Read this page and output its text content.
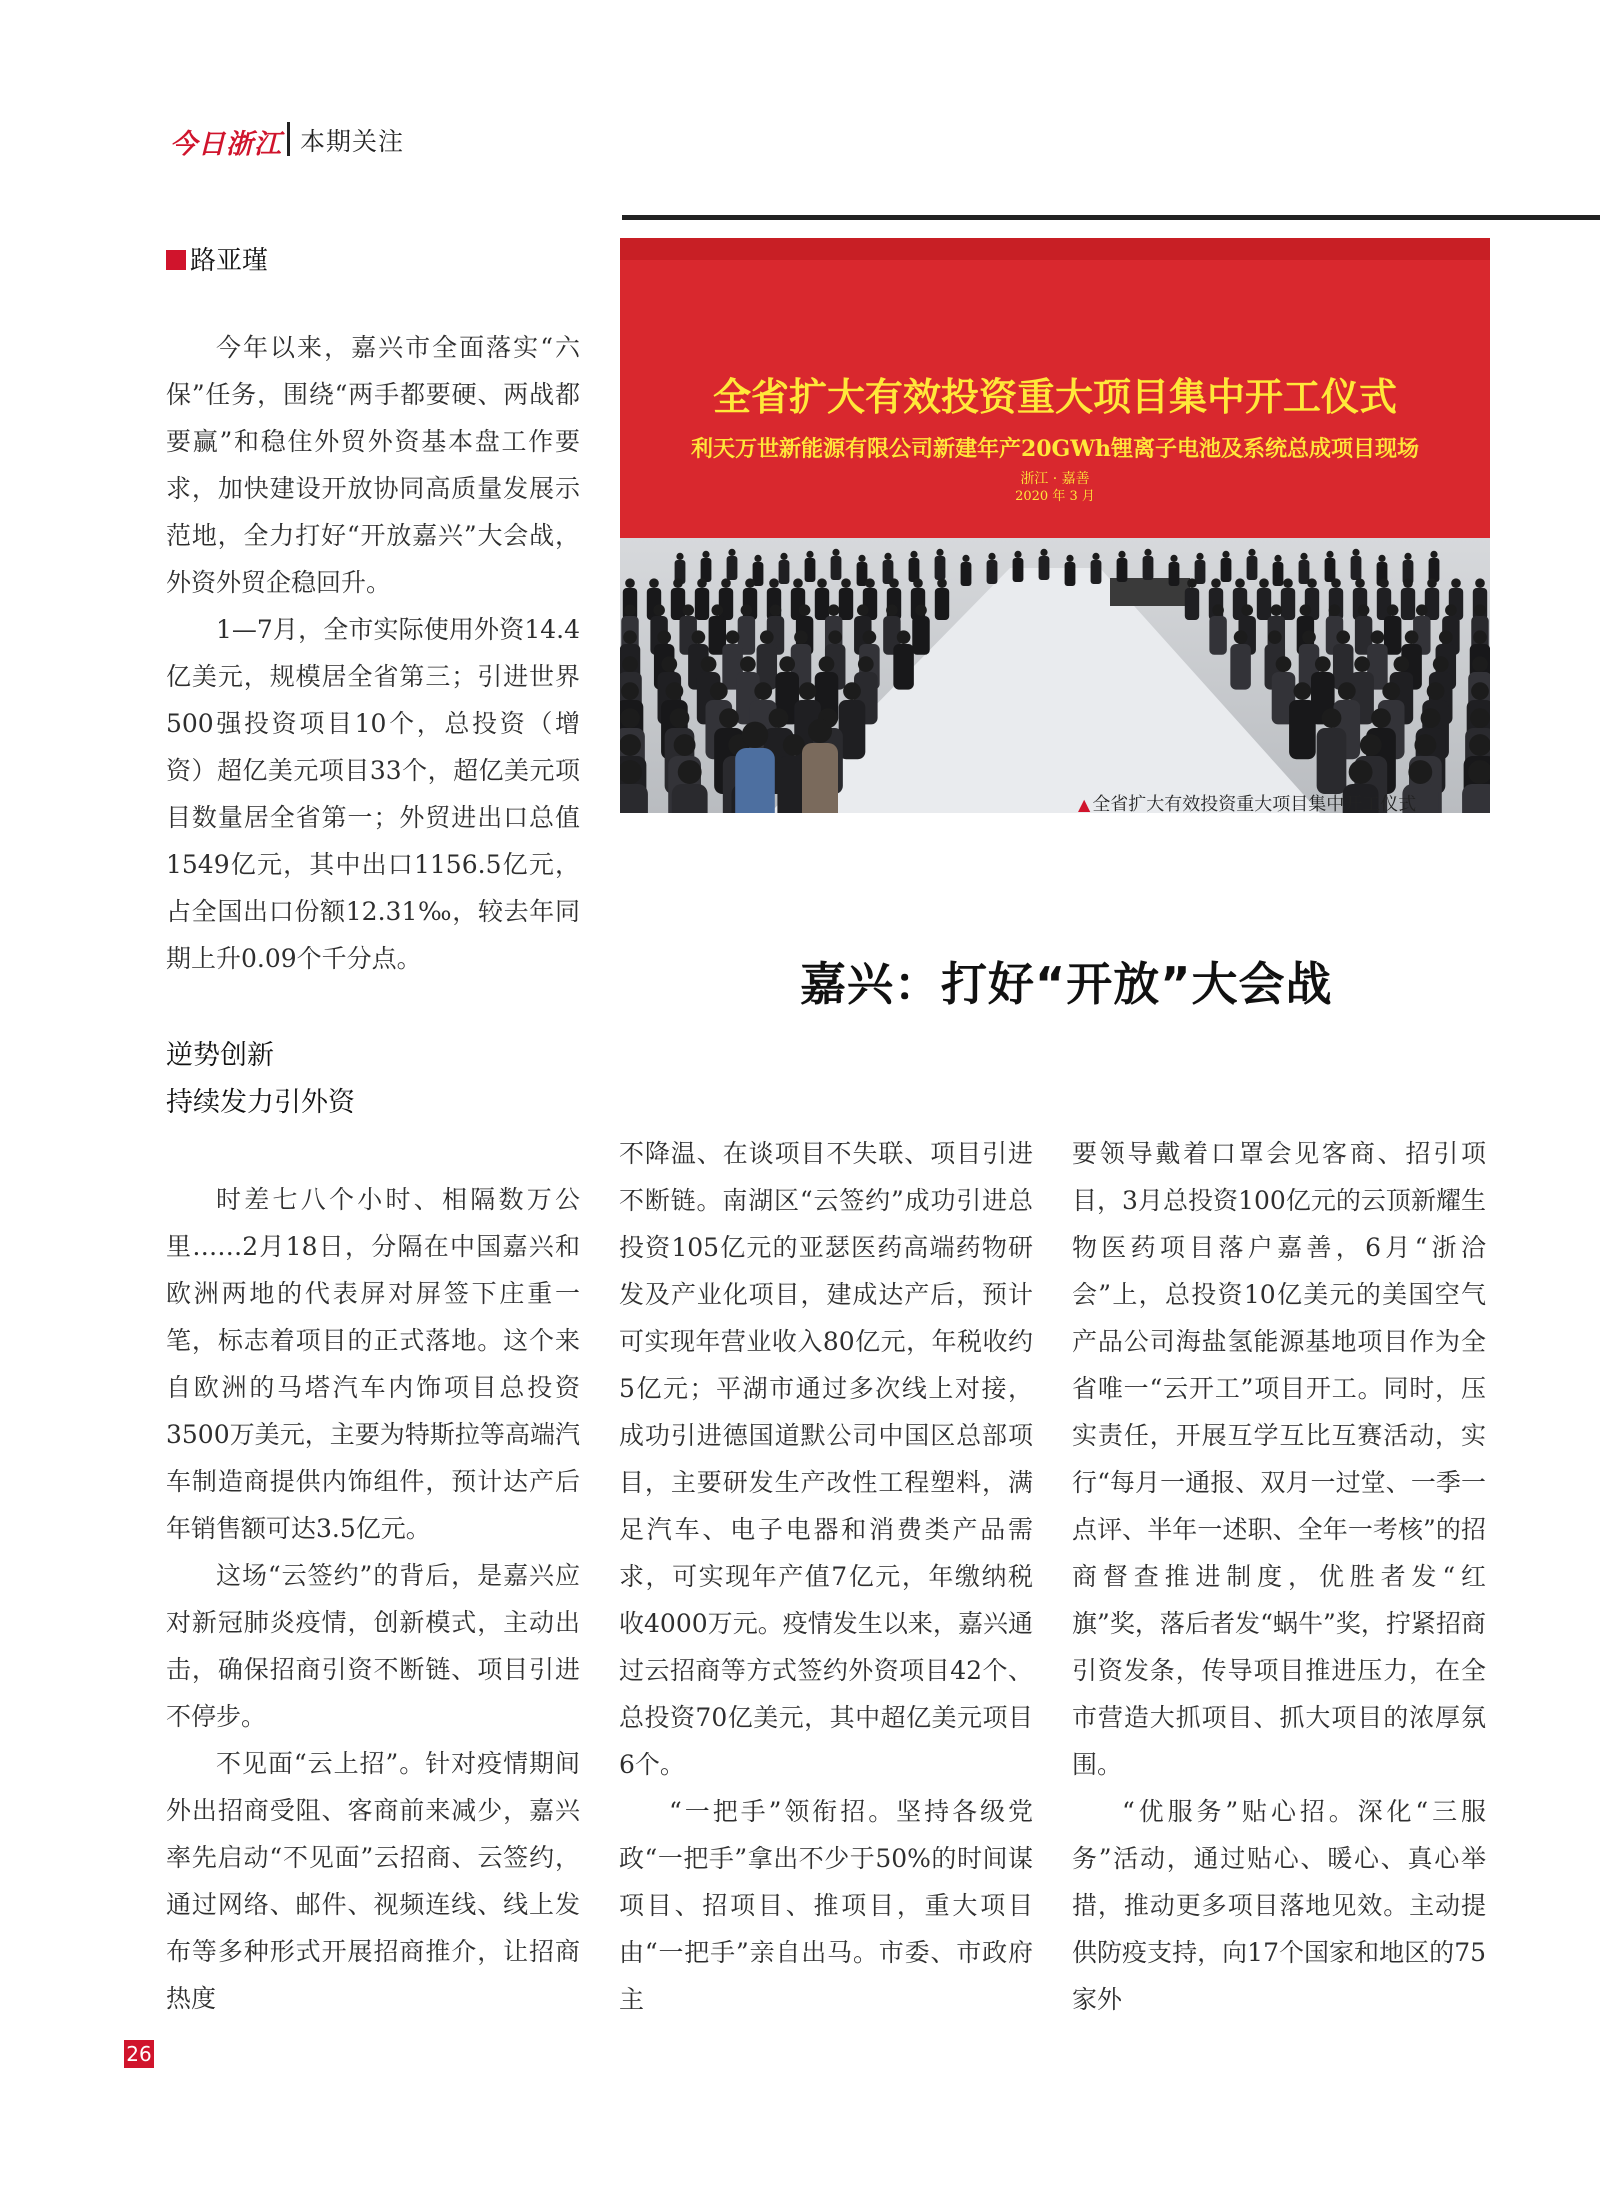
今日浙江 本期关注
路亚瑾

今年以来，嘉兴市全面落实“六保”任务，围绕“两手都要硬、两战都要赢”和稳住外贸外资基本盘工作要求，加快建设开放协同高质量发展示范地，全力打好“开放嘉兴”大会战，外资外贸企稳回升。

1—7月，全市实际使用外资14.4亿美元，规模居全省第三；引进世界500强投资项目10个，总投资（增资）超亿美元项目33个，超亿美元项目数量居全省第一；外贸进出口总值1549亿元，其中出口1156.5亿元，占全国出口份额12.31‰，较去年同期上升0.09个千分点。

全省扩大有效投资重大项目集中开工仪式
利天万世新能源有限公司新建年产20GWh锂离子电池及系统总成项目现场
浙江 · 嘉善
2020 年 3 月
▲ 全省扩大有效投资重大项目集中开工仪式
嘉兴：打好“开放”大会战
逆势创新
持续发力引外资

时差七八个小时、相隔数万公里……2月18日，分隔在中国嘉兴和欧洲两地的代表屏对屏签下庄重一笔，标志着项目的正式落地。这个来自欧洲的马塔汽车内饰项目总投资3500万美元，主要为特斯拉等高端汽车制造商提供内饰组件，预计达产后年销售额可达3.5亿元。

这场“云签约”的背后，是嘉兴应对新冠肺炎疫情，创新模式，主动出击，确保招商引资不断链、项目引进不停步。

不见面“云上招”。针对疫情期间外出招商受阻、客商前来减少，嘉兴率先启动“不见面”云招商、云签约，通过网络、邮件、视频连线、线上发布等多种形式开展招商推介，让招商热度

不降温、在谈项目不失联、项目引进不断链。南湖区“云签约”成功引进总投资105亿元的亚瑟医药高端药物研发及产业化项目，建成达产后，预计可实现年营业收入80亿元，年税收约5亿元；平湖市通过多次线上对接，成功引进德国道默公司中国区总部项目，主要研发生产改性工程塑料，满足汽车、电子电器和消费类产品需求，可实现年产值7亿元，年缴纳税收4000万元。疫情发生以来，嘉兴通过云招商等方式签约外资项目42个、总投资70亿美元，其中超亿美元项目6个。

“一把手”领衔招。坚持各级党政“一把手”拿出不少于50%的时间谋项目、招项目、推项目，重大项目由“一把手”亲自出马。市委、市政府主

要领导戴着口罩会见客商、招引项目，3月总投资100亿元的云顶新耀生物医药项目落户嘉善，6月“浙洽会”上，总投资10亿美元的美国空气产品公司海盐氢能源基地项目作为全省唯一“云开工”项目开工。同时，压实责任，开展互学互比互赛活动，实行“每月一通报、双月一过堂、一季一点评、半年一述职、全年一考核”的招商督查推进制度，优胜者发“红旗”奖，落后者发“蜗牛”奖，拧紧招商引资发条，传导项目推进压力，在全市营造大抓项目、抓大项目的浓厚氛围。

“优服务”贴心招。深化“三服务”活动，通过贴心、暖心、真心举措，推动更多项目落地见效。主动提供防疫支持，向17个国家和地区的75家外

26
